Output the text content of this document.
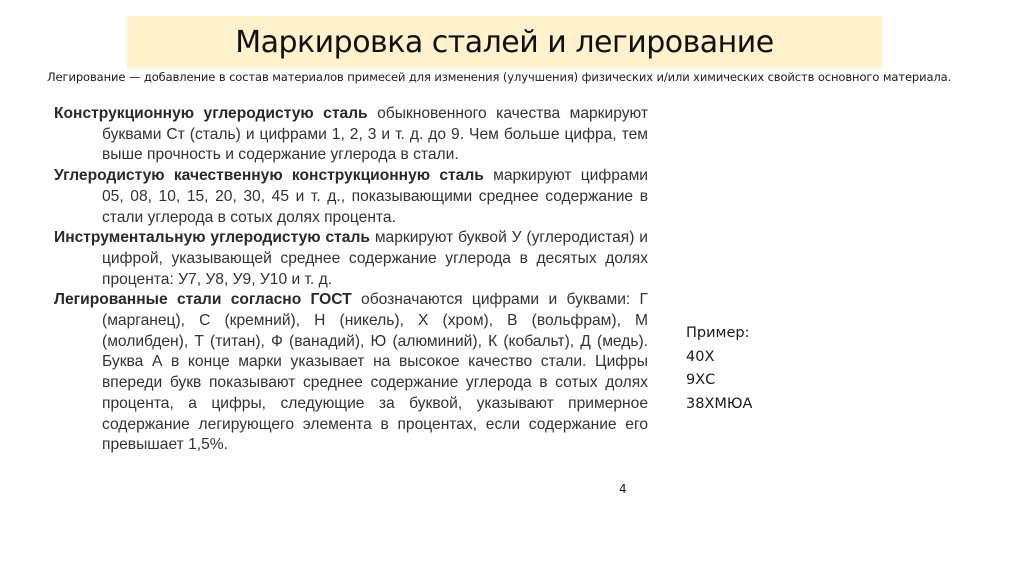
Маркировка сталей и легирование
Легирование — добавление в состав материалов примесей для изменения (улучшения) физических и/или химических свойств основного материала.

Конструкционную углеродистую сталь обыкновенного качества маркируют буквами Ст (сталь) и цифрами 1, 2, 3 и т. д. до 9. Чем больше цифра, тем выше прочность и содержание углерода в стали.

Углеродистую качественную конструкционную сталь маркируют цифрами 05, 08, 10, 15, 20, 30, 45 и т. д., показывающими среднее содержание в стали углерода в сотых долях процента.

Инструментальную углеродистую сталь маркируют буквой У (углеродистая) и цифрой, указывающей среднее содержание углерода в десятых долях процента: У7, У8, У9, У10 и т. д.

Легированные стали согласно ГОСТ обозначаются цифрами и буквами: Г (марганец), С (кремний), Н (никель), Х (хром), В (вольфрам), М (молибден), Т (титан), Ф (ванадий), Ю (алюминий), К (кобальт), Д (медь). Буква А в конце марки указывает на высокое качество стали. Цифры впереди букв показывают среднее содержание углерода в сотых долях процента, а цифры, следующие за буквой, указывают примерное содержание легирующего элемента в процентах, если содержание его превышает 1,5%.

4
Пример:
40Х
9ХС
38ХМЮА
